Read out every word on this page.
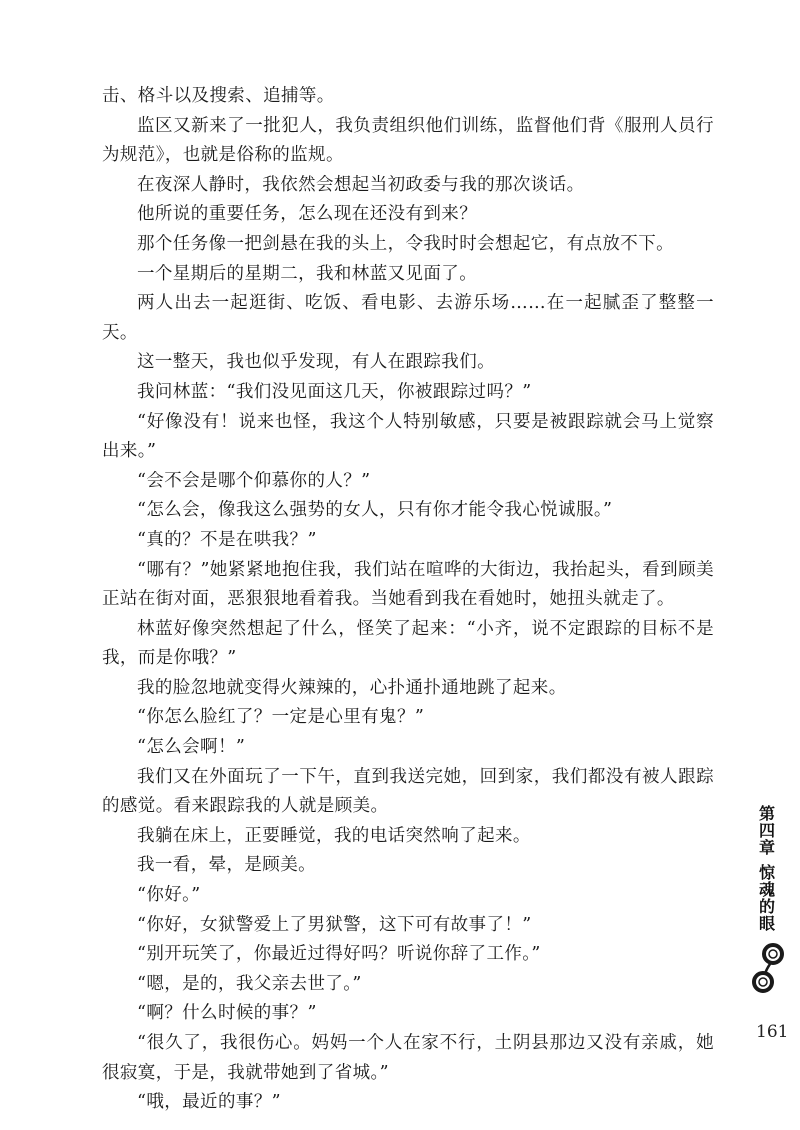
击、格斗以及搜索、追捕等。

监区又新来了一批犯人，我负责组织他们训练，监督他们背《服刑人员行为规范》，也就是俗称的监规。

在夜深人静时，我依然会想起当初政委与我的那次谈话。

他所说的重要任务，怎么现在还没有到来？

那个任务像一把剑悬在我的头上，令我时时会想起它，有点放不下。

一个星期后的星期二，我和林蓝又见面了。

两人出去一起逛街、吃饭、看电影、去游乐场……在一起腻歪了整整一天。

这一整天，我也似乎发现，有人在跟踪我们。

我问林蓝：“我们没见面这几天，你被跟踪过吗？”

“好像没有！说来也怪，我这个人特别敏感，只要是被跟踪就会马上觉察出来。”

“会不会是哪个仰慕你的人？”

“怎么会，像我这么强势的女人，只有你才能令我心悦诚服。”

“真的？不是在哄我？”

“哪有？”她紧紧地抱住我，我们站在喧哗的大街边，我抬起头，看到顾美正站在街对面，恶狠狠地看着我。当她看到我在看她时，她扭头就走了。

林蓝好像突然想起了什么，怪笑了起来：“小齐，说不定跟踪的目标不是我，而是你哦？”

我的脸忽地就变得火辣辣的，心扑通扑通地跳了起来。

“你怎么脸红了？一定是心里有鬼？”

“怎么会啊！”

我们又在外面玩了一下午，直到我送完她，回到家，我们都没有被人跟踪的感觉。看来跟踪我的人就是顾美。

我躺在床上，正要睡觉，我的电话突然响了起来。

我一看，晕，是顾美。

“你好。”

“你好，女狱警爱上了男狱警，这下可有故事了！”

“别开玩笑了，你最近过得好吗？听说你辞了工作。”

“嗯，是的，我父亲去世了。”

“啊？什么时候的事？”

“很久了，我很伤心。妈妈一个人在家不行，土阴县那边又没有亲戚，她很寂寞，于是，我就带她到了省城。”

“哦，最近的事？”

第四章
惊魂的眼
161
